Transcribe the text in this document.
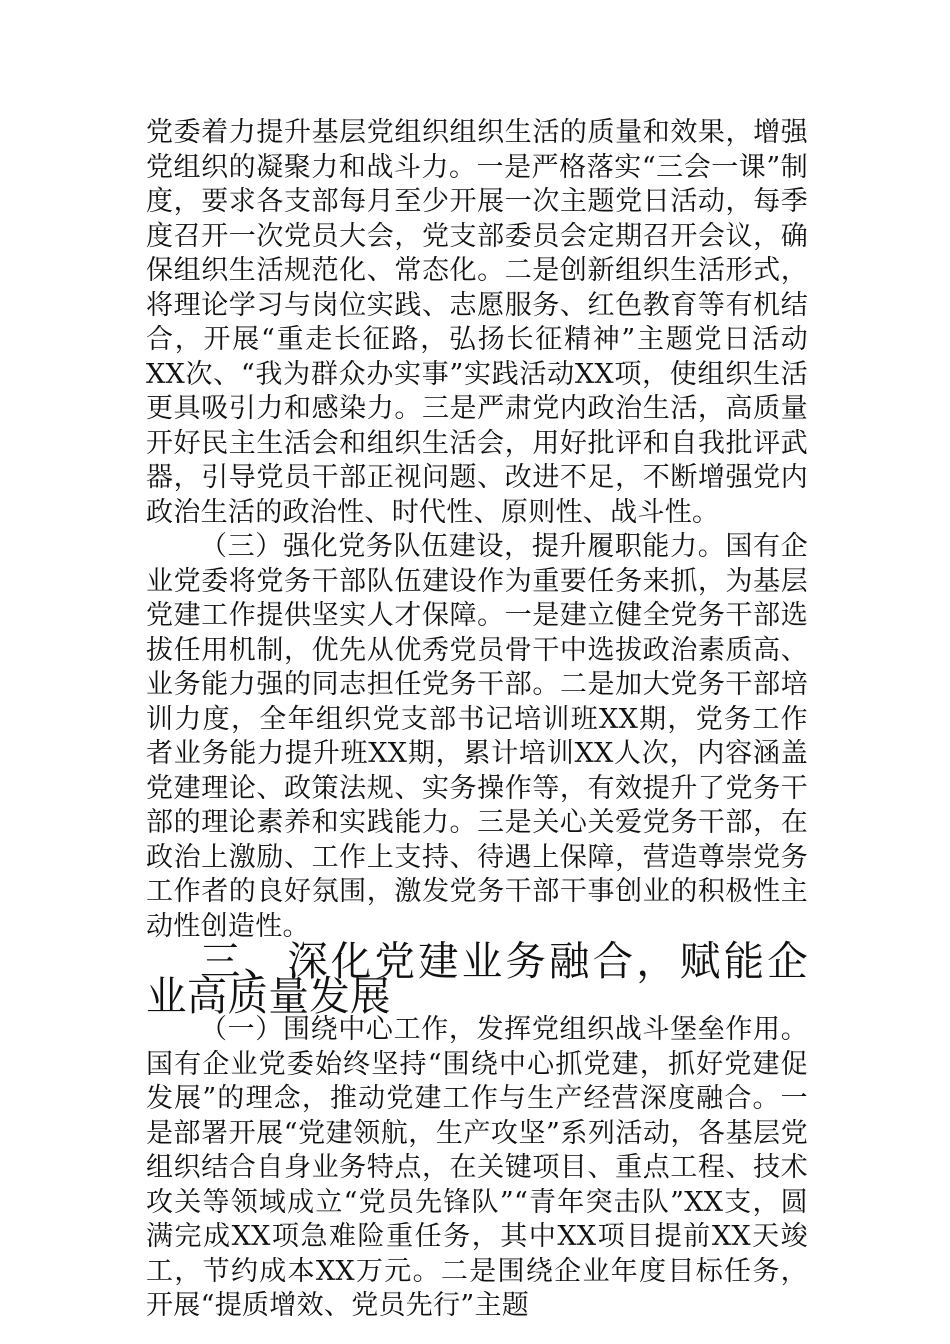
党委着力提升基层党组织组织生活的质量和效果，增强党组织的凝聚力和战斗力。一是严格落实“三会一课”制度，要求各支部每月至少开展一次主题党日活动，每季度召开一次党员大会，党支部委员会定期召开会议，确保组织生活规范化、常态化。二是创新组织生活形式，将理论学习与岗位实践、志愿服务、红色教育等有机结合，开展“重走长征路，弘扬长征精神”主题党日活动XX次、“我为群众办实事”实践活动XX项，使组织生活更具吸引力和感染力。三是严肃党内政治生活，高质量开好民主生活会和组织生活会，用好批评和自我批评武器，引导党员干部正视问题、改进不足，不断增强党内政治生活的政治性、时代性、原则性、战斗性。

（三）强化党务队伍建设，提升履职能力。国有企业党委将党务干部队伍建设作为重要任务来抓，为基层党建工作提供坚实人才保障。一是建立健全党务干部选拔任用机制，优先从优秀党员骨干中选拔政治素质高、业务能力强的同志担任党务干部。二是加大党务干部培训力度，全年组织党支部书记培训班XX期，党务工作者业务能力提升班XX期，累计培训XX人次，内容涵盖党建理论、政策法规、实务操作等，有效提升了党务干部的理论素养和实践能力。三是关心关爱党务干部，在政治上激励、工作上支持、待遇上保障，营造尊崇党务工作者的良好氛围，激发党务干部干事创业的积极性主动性创造性。

三、深化党建业务融合，赋能企业高质量发展

（一）围绕中心工作，发挥党组织战斗堡垒作用。国有企业党委始终坚持“围绕中心抓党建，抓好党建促发展”的理念，推动党建工作与生产经营深度融合。一是部署开展“党建领航，生产攻坚”系列活动，各基层党组织结合自身业务特点，在关键项目、重点工程、技术攻关等领域成立“党员先锋队”“青年突击队”XX支，圆满完成XX项急难险重任务，其中XX项目提前XX天竣工，节约成本XX万元。二是围绕企业年度目标任务，开展“提质增效、党员先行”主题
